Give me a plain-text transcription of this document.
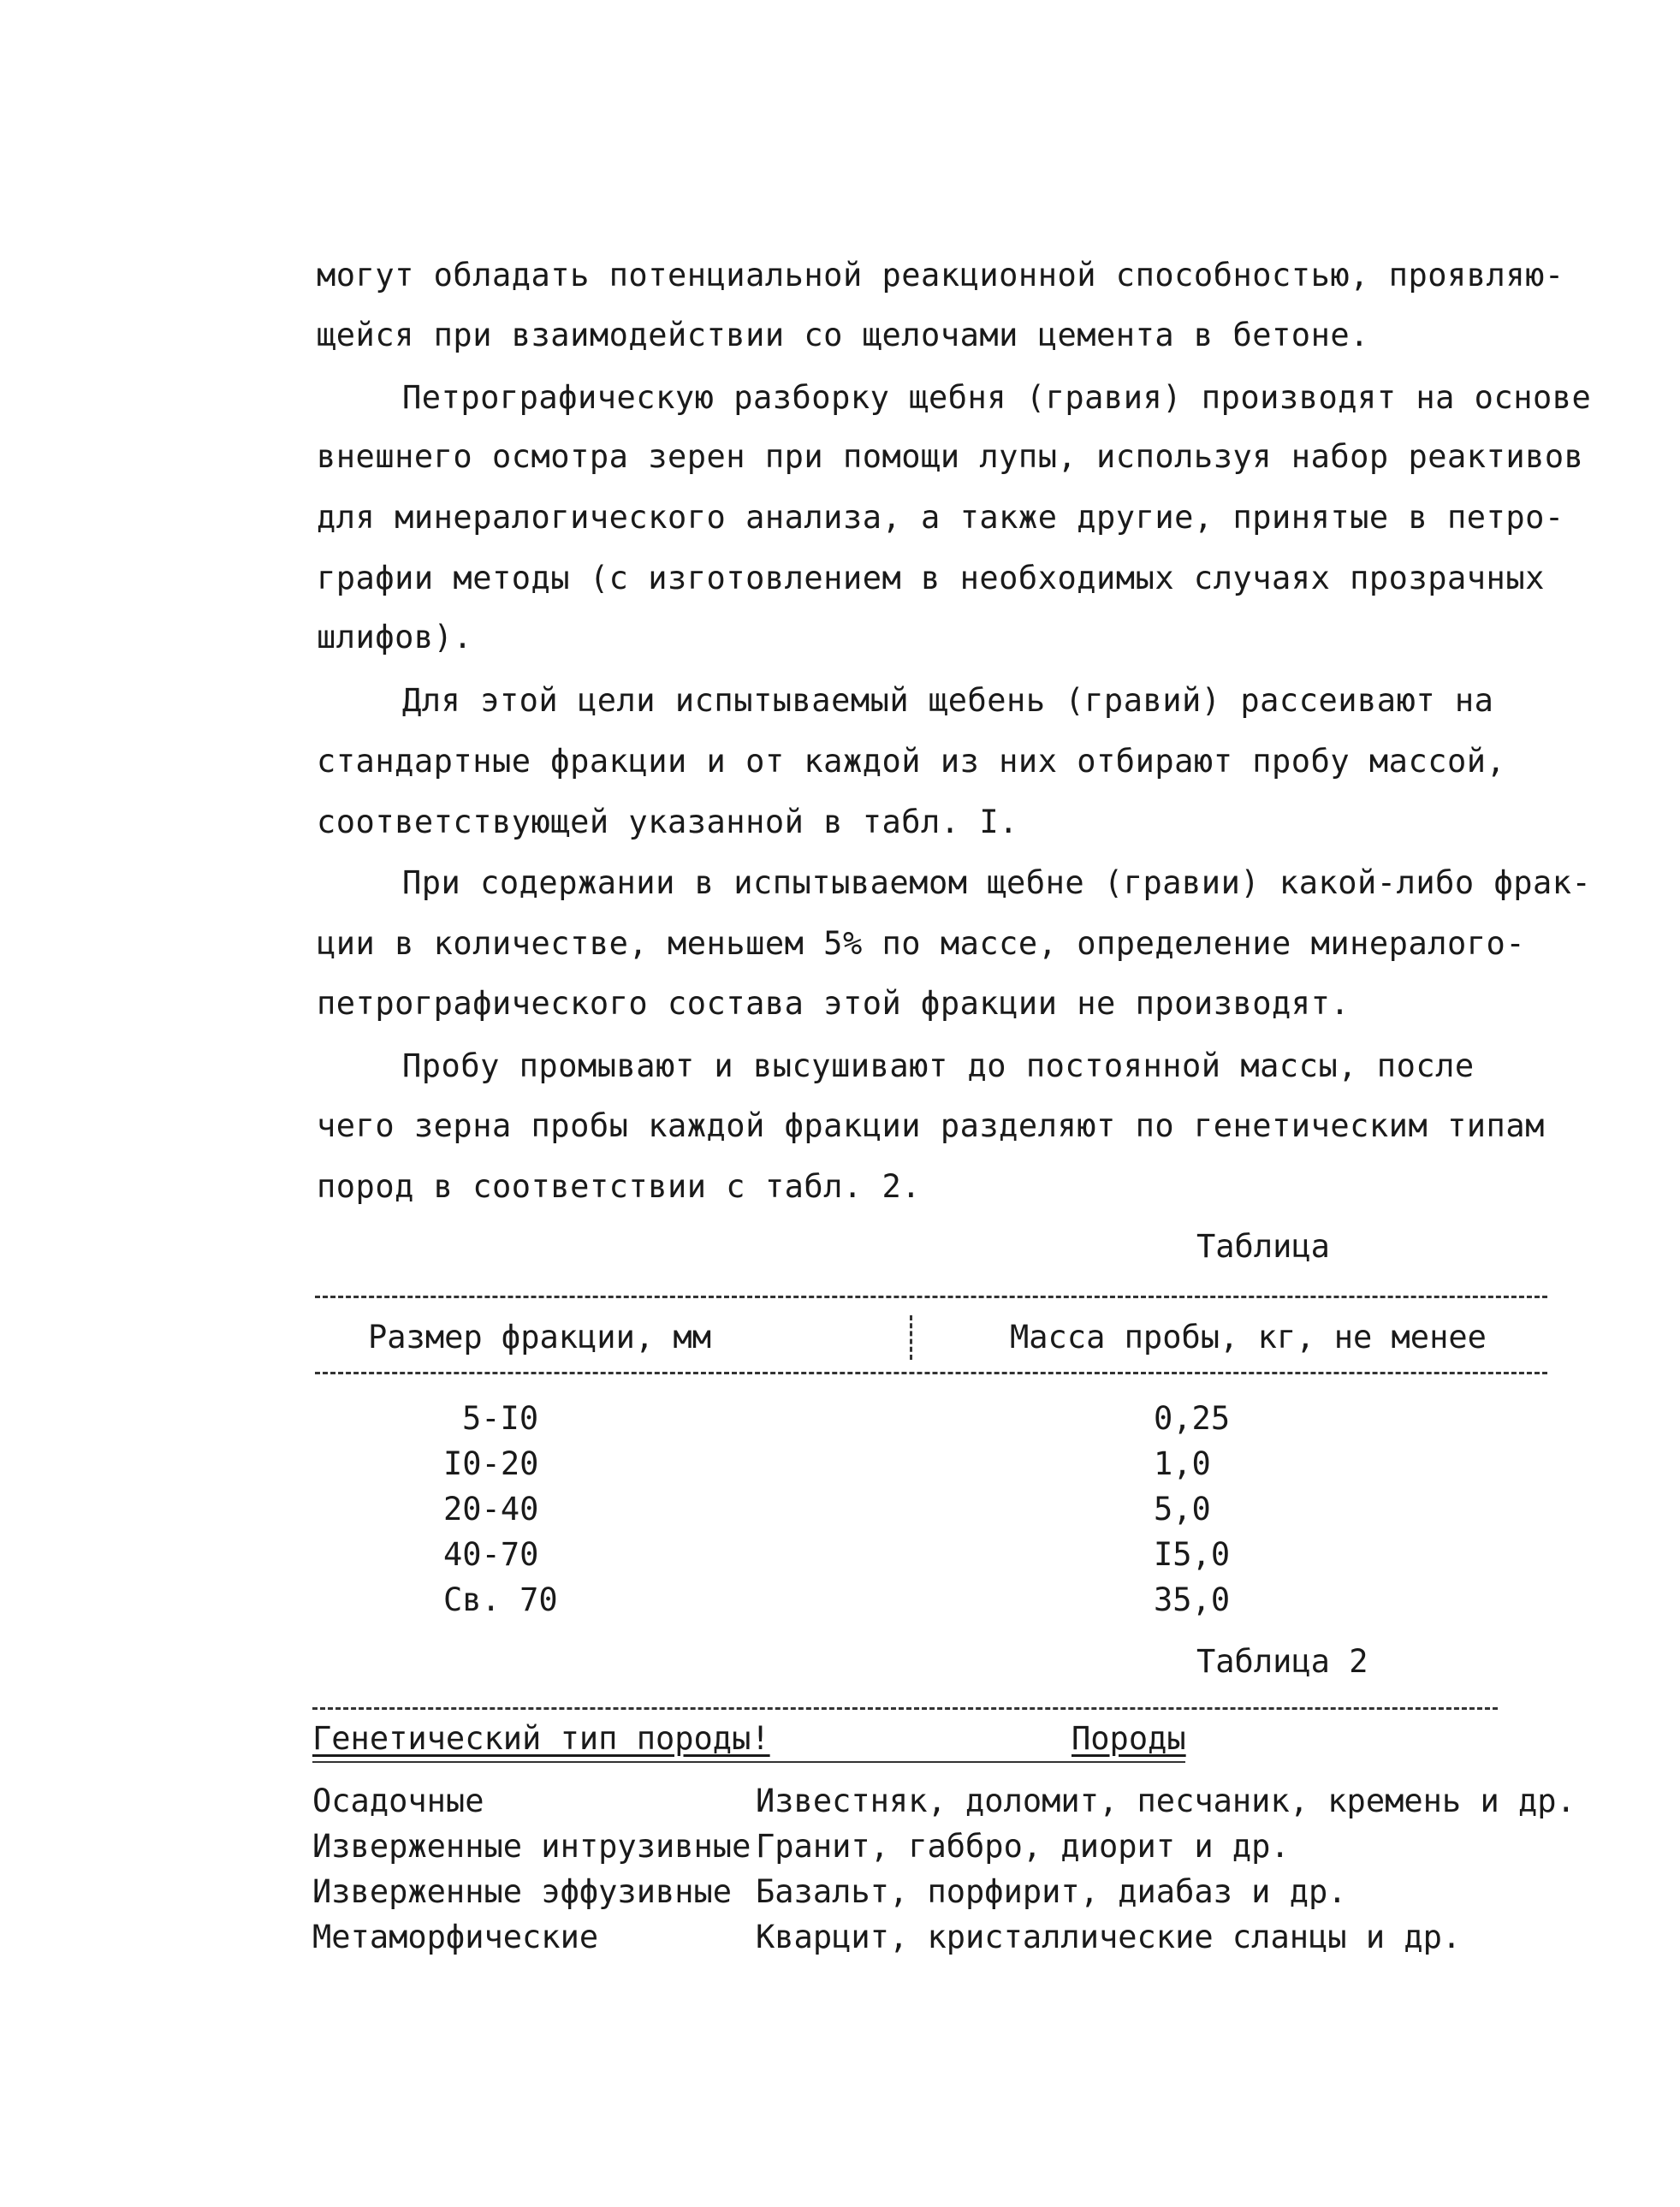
могут обладать потенциальной реакционной способностью, проявляю-
щейся при взаимодействии со щелочами цемента в бетоне.
Петрографическую разборку щебня (гравия) производят на основе
внешнего осмотра зерен при помощи лупы, используя набор реактивов
для минералогического анализа, а также другие, принятые в петро-
графии методы (с изготовлением в необходимых случаях прозрачных
шлифов).
Для этой цели испытываемый щебень (гравий) рассеивают на
стандартные фракции и от каждой из них отбирают пробу массой,
соответствующей указанной в табл. I.
При содержании в испытываемом щебне (гравии) какой-либо фрак-
ции в количестве, меньшем 5% по массе, определение минералого-
петрографического состава этой фракции не производят.
Пробу промывают и высушивают до постоянной массы, после
чего зерна пробы каждой фракции разделяют по генетическим типам
пород в соответствии с табл. 2.
Таблица
Размер фракции, мм	Масса пробы, кг, не менее
5-I0	0,25
I0-20	1,0
20-40	5,0
40-70	I5,0
Св. 70	35,0
Таблица 2
Генетический тип породы!	Породы
Осадочные	Известняк, доломит, песчаник, кремень и др.
Изверженные интрузивные Гранит, габбро, диорит и др.
Изверженные эффузивные Базальт, порфирит, диабаз и др.
Метаморфические	Кварцит, кристаллические сланцы и др.
